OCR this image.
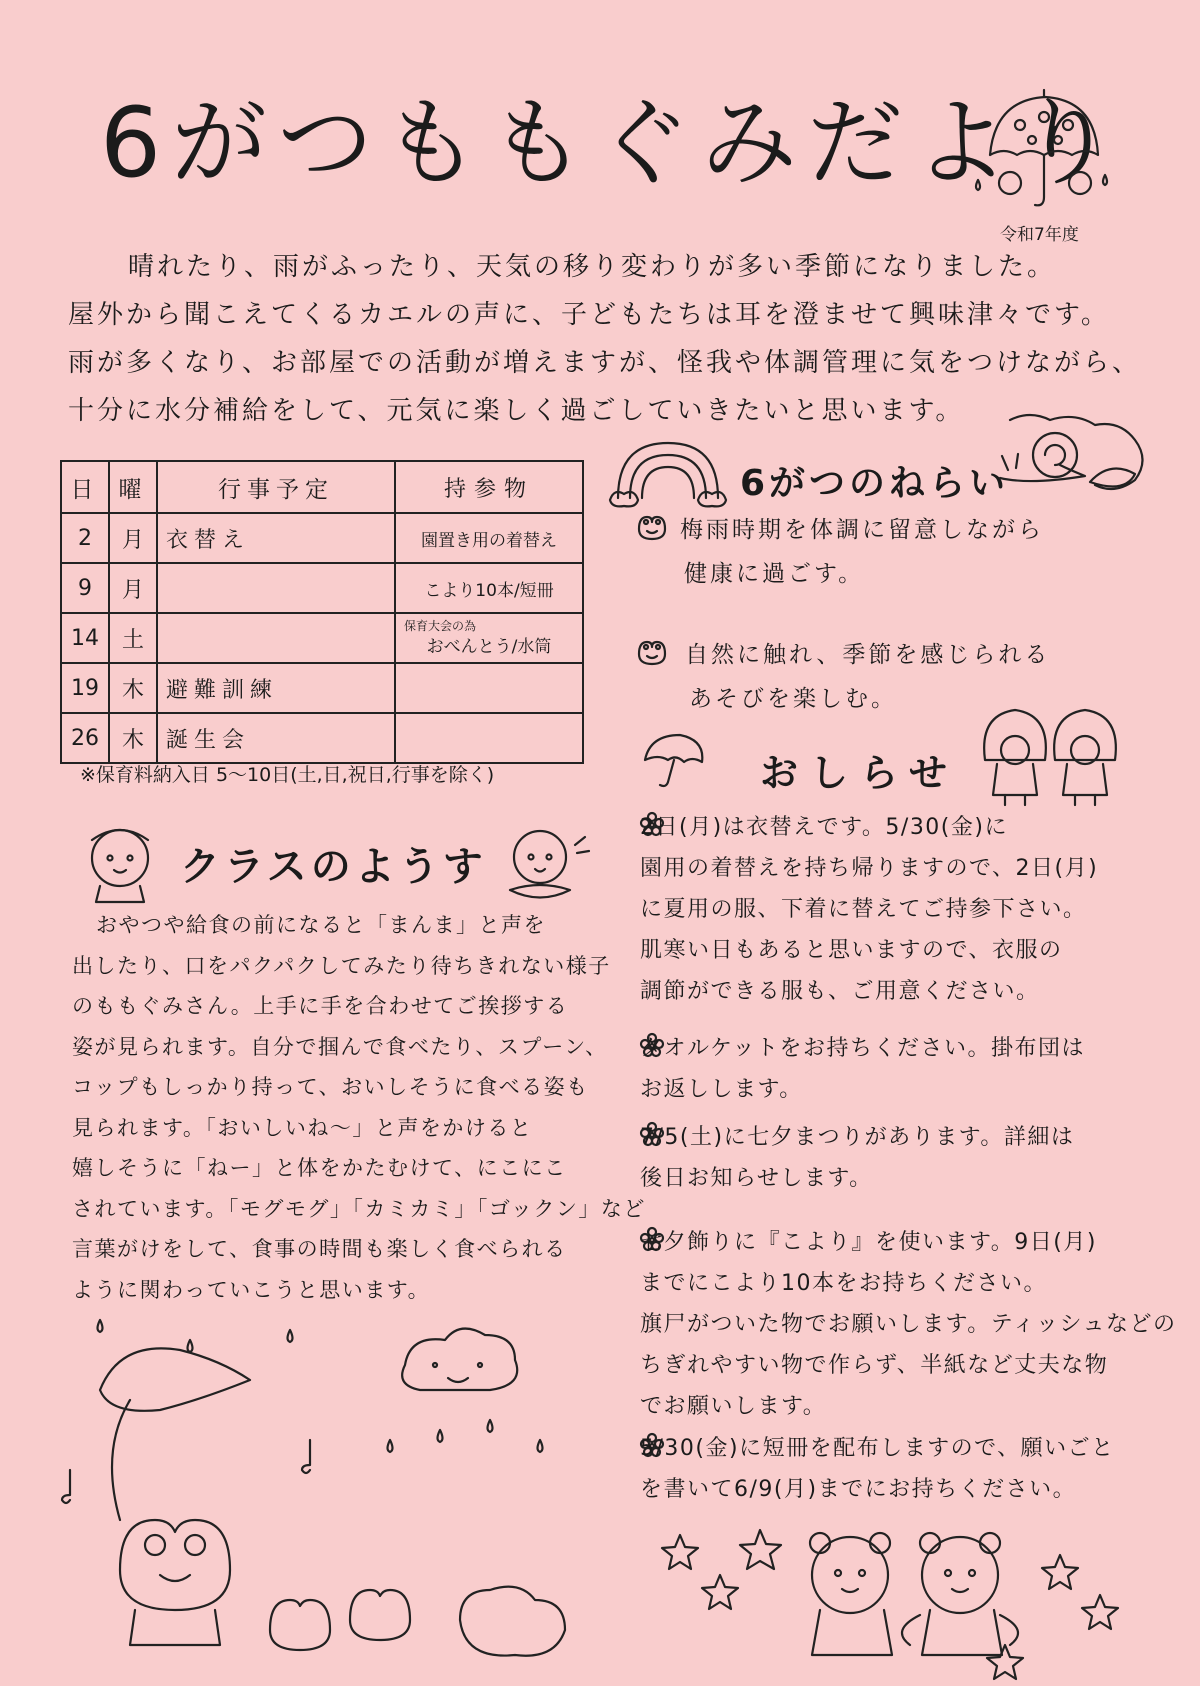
6がつももぐみだより
令和7年度

晴れたり、雨がふったり、天気の移り変わりが多い季節になりました。

屋外から聞こえてくるカエルの声に、子どもたちは耳を澄ませて興味津々です。

雨が多くなり、お部屋での活動が増えますが、怪我や体調管理に気をつけながら、

十分に水分補給をして、元気に楽しく過ごしていきたいと思います。

日	曜	行事予定	持参物
2	月	衣替え	園置き用の着替え
9	月		こより10本/短冊
14	土		保育大会の為
おべんとう/水筒
19	木	避難訓練	
26	木	誕生会	
※保育料納入日 5〜10日(土,日,祝日,行事を除く)
6がつのねらい

梅雨時期を体調に留意しながら

健康に過ごす。

自然に触れ、季節を感じられる

あそびを楽しむ。

おしらせ

2日(月)は衣替えです。5/30(金)に

園用の着替えを持ち帰りますので、2日(月)

に夏用の服、下着に替えてご持参下さい。

肌寒い日もあると思いますので、衣服の

調節ができる服も、ご用意ください。

タオルケットをお持ちください。掛布団は

お返しします。

7/5(土)に七夕まつりがあります。詳細は

後日お知らせします。

七夕飾りに『こより』を使います。9日(月)

までにこより10本をお持ちください。

旗尸がついた物でお願いします。ティッシュなどの

ちぎれやすい物で作らず、半紙など丈夫な物

でお願いします。

5/30(金)に短冊を配布しますので、願いごと

を書いて6/9(月)までにお持ちください。

クラスのようす

おやつや給食の前になると「まんま」と声を

出したり、口をパクパクしてみたり待ちきれない様子

のももぐみさん。上手に手を合わせてご挨拶する

姿が見られます。自分で掴んで食べたり、スプーン、

コップもしっかり持って、おいしそうに食べる姿も

見られます。「おいしいね〜」と声をかけると

嬉しそうに「ねー」と体をかたむけて、にこにこ

されています。「モグモグ」「カミカミ」「ゴックン」など

言葉がけをして、食事の時間も楽しく食べられる

ように関わっていこうと思います。
